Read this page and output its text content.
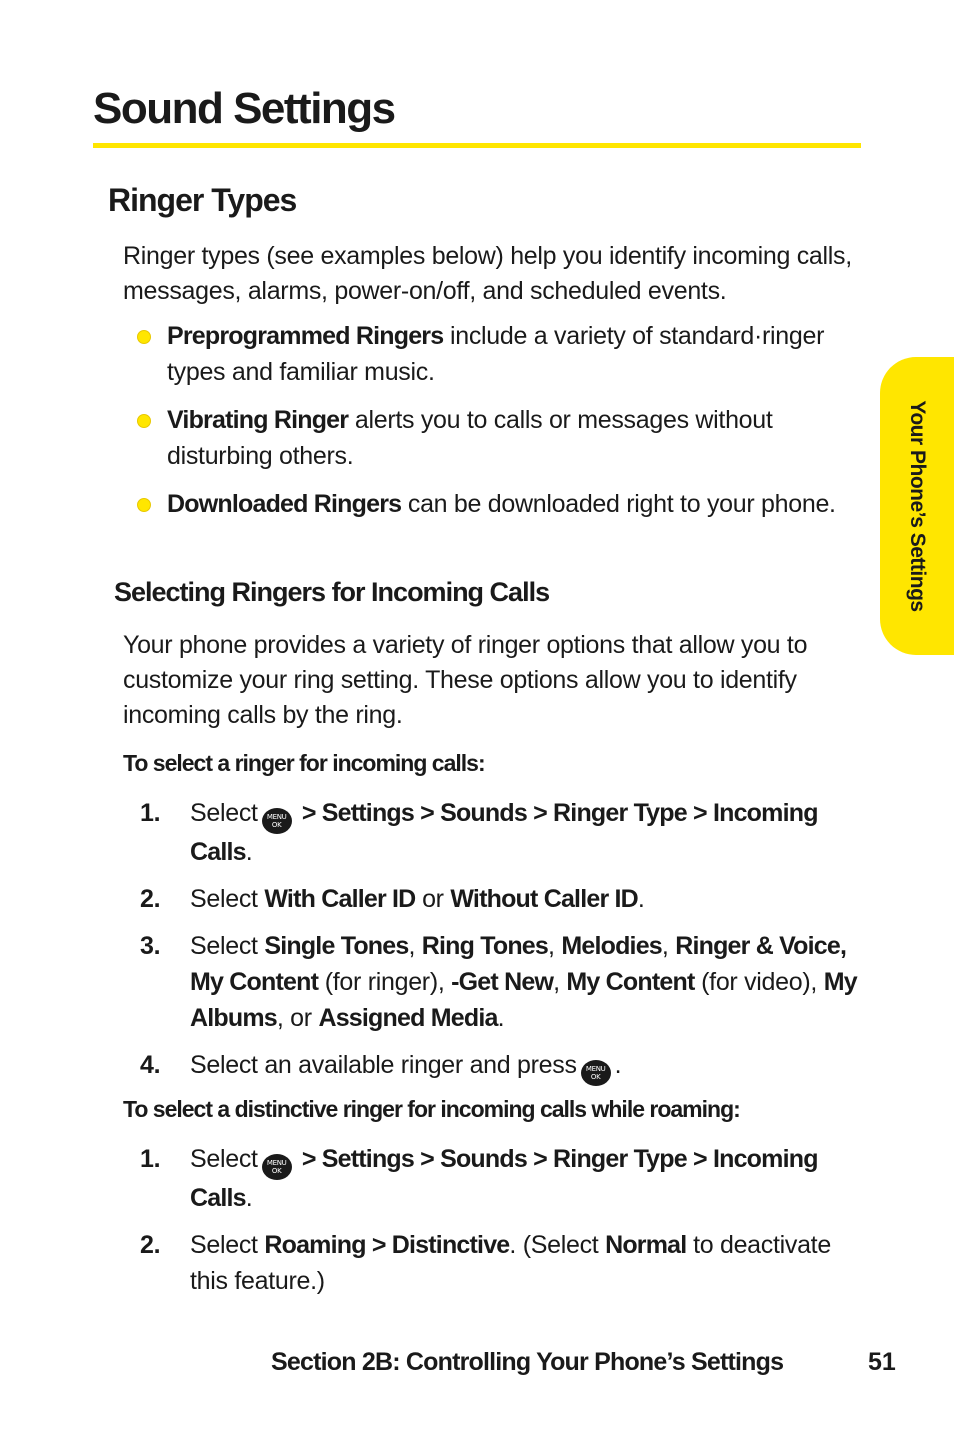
Sound Settings
Ringer Types
Ringer types (see examples below) help you identify incoming calls, messages, alarms, power-on/off, and scheduled events.
Preprogrammed Ringers include a variety of standard·ringer types and familiar music.
Vibrating Ringer alerts you to calls or messages without disturbing others.
Downloaded Ringers can be downloaded right to your phone.
Selecting Ringers for Incoming Calls
Your phone provides a variety of ringer options that allow you to customize your ring setting. These options allow you to identify incoming calls by the ring.
To select a ringer for incoming calls:
1. Select MENU
OK > Settings > Sounds > Ringer Type > Incoming Calls.
2. Select With Caller ID or Without Caller ID.
3. Select Single Tones, Ring Tones, Melodies, Ringer & Voice, My Content (for ringer), -Get New, My Content (for video), My Albums, or Assigned Media.
4. Select an available ringer and press MENU
OK .
To select a distinctive ringer for incoming calls while roaming:
1. Select MENU
OK > Settings > Sounds > Ringer Type > Incoming Calls.
2. Select Roaming > Distinctive. (Select Normal to deactivate this feature.)
Your Phone’s Settings
Section 2B: Controlling Your Phone’s Settings	51
